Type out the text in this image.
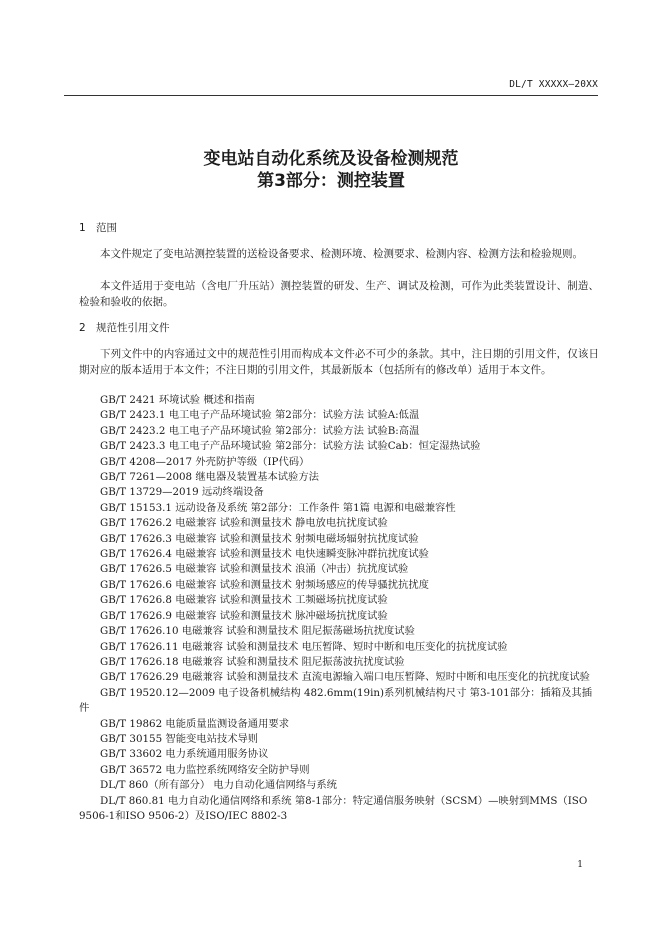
DL/T XXXXX—20XX
变电站自动化系统及设备检测规范
第3部分：测控装置
1 范围

本文件规定了变电站测控装置的送检设备要求、检测环境、检测要求、检测内容、检测方法和检验规则。

本文件适用于变电站（含电厂升压站）测控装置的研发、生产、调试及检测，可作为此类装置设计、制造、检验和验收的依据。

2 规范性引用文件

下列文件中的内容通过文中的规范性引用而构成本文件必不可少的条款。其中，注日期的引用文件，仅该日期对应的版本适用于本文件；不注日期的引用文件，其最新版本（包括所有的修改单）适用于本文件。

GB/T 2421 环境试验 概述和指南
GB/T 2423.1 电工电子产品环境试验 第2部分：试验方法 试验A:低温
GB/T 2423.2 电工电子产品环境试验 第2部分：试验方法 试验B:高温
GB/T 2423.3 电工电子产品环境试验 第2部分：试验方法 试验Cab：恒定湿热试验
GB/T 4208—2017 外壳防护等级（IP代码）
GB/T 7261—2008 继电器及装置基本试验方法
GB/T 13729—2019 远动终端设备
GB/T 15153.1 远动设备及系统 第2部分：工作条件 第1篇 电源和电磁兼容性
GB/T 17626.2 电磁兼容 试验和测量技术 静电放电抗扰度试验
GB/T 17626.3 电磁兼容 试验和测量技术 射频电磁场辐射抗扰度试验
GB/T 17626.4 电磁兼容 试验和测量技术 电快速瞬变脉冲群抗扰度试验
GB/T 17626.5 电磁兼容 试验和测量技术 浪涌（冲击）抗扰度试验
GB/T 17626.6 电磁兼容 试验和测量技术 射频场感应的传导骚扰抗扰度
GB/T 17626.8 电磁兼容 试验和测量技术 工频磁场抗扰度试验
GB/T 17626.9 电磁兼容 试验和测量技术 脉冲磁场抗扰度试验
GB/T 17626.10 电磁兼容 试验和测量技术 阻尼振荡磁场抗扰度试验
GB/T 17626.11 电磁兼容 试验和测量技术 电压暂降、短时中断和电压变化的抗扰度试验
GB/T 17626.18 电磁兼容 试验和测量技术 阻尼振荡波抗扰度试验
GB/T 17626.29 电磁兼容 试验和测量技术 直流电源输入端口电压暂降、短时中断和电压变化的抗扰度试验
GB/T 19520.12—2009 电子设备机械结构 482.6mm(19in)系列机械结构尺寸 第3-101部分：插箱及其插件
GB/T 19862 电能质量监测设备通用要求
GB/T 30155 智能变电站技术导则
GB/T 33602 电力系统通用服务协议
GB/T 36572 电力监控系统网络安全防护导则
DL/T 860（所有部分） 电力自动化通信网络与系统
DL/T 860.81 电力自动化通信网络和系统 第8-1部分：特定通信服务映射（SCSM）—映射到MMS（ISO 9506-1和ISO 9506-2）及ISO/IEC 8802-3
1
